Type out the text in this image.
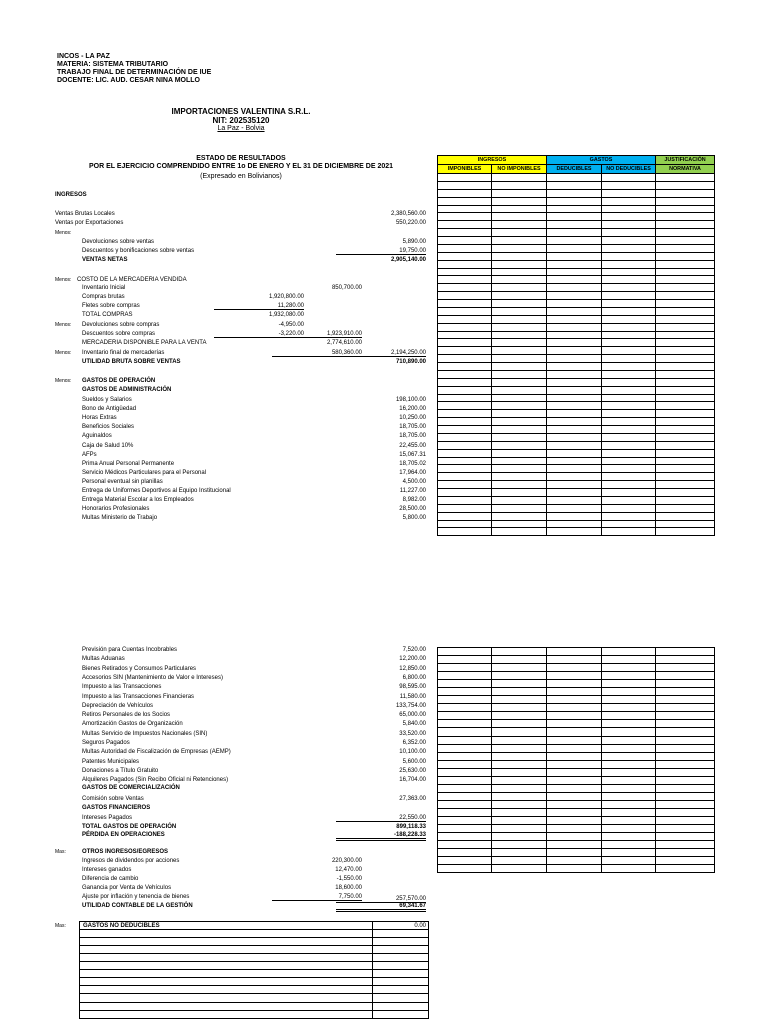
INCOS - LA PAZ
MATERIA: SISTEMA TRIBUTARIO
TRABAJO FINAL DE DETERMINACIÓN DE IUE
DOCENTE: LIC. AUD. CESAR NINA MOLLO
IMPORTACIONES VALENTINA S.R.L.
NIT: 202535120
La Paz - Bolvia
ESTADO DE RESULTADOS
POR EL EJERCICIO COMPRENDIDO ENTRE 1o DE ENERO Y EL 31 DE DICIEMBRE DE 2021
(Expresado en Bolivianos)
INGRESOS		GASTOS		JUSTIFICACIÓN
IMPONIBLES	NO IMPONIBLES	DEDUCIBLES	NO DEDUCIBLES	NORMATIVA

INGRESOS
Ventas Brutas Locales	2,380,560.00
Ventas por Exportaciones	550,220.00
Menos:
Devoluciones sobre ventas	5,890.00
Descuentos y bonificaciones sobre ventas	19,750.00
VENTAS NETAS	2,905,140.00
Menos: COSTO DE LA MERCADERIA VENDIDA
Inventario Inicial	850,700.00
Compras brutas	1,920,800.00
Fletes sobre compras	11,280.00
TOTAL COMPRAS	1,932,080.00
Menos: Devoluciones sobre compras	-4,950.00
Descuentos sobre compras	-3,220.00	1,923,910.00
MERCADERIA DISPONIBLE PARA LA VENTA	2,774,610.00
Menos: Inventario final de mercaderías	580,360.00	2,194,250.00
UTILIDAD BRUTA SOBRE VENTAS	710,890.00
Menos: GASTOS DE OPERACIÓN
GASTOS DE ADMINISTRACIÓN
Sueldos y Salarios	198,100.00
Bono de Antigüedad	16,200.00
Horas Extras	10,250.00
Beneficios Sociales	18,705.00
Aguinaldos	18,705.00
Caja de Salud 10%	22,455.00
AFPs	15,067.31
Prima Anual Personal Permanente	18,705.02
Servicio Médicos Particulares para el Personal	17,964.00
Personal eventual sin planillas	4,500.00
Entrega de Uniformes Deportivos al Equipo Institucional	11,227.00
Entrega Material Escolar a los Empleados	8,982.00
Honorarios Profesionales	28,500.00
Multas Ministerio de Trabajo	5,800.00

Previsión para Cuentas Incobrables	7,520.00
Multas Aduanas	12,200.00
Bienes Retirados y Consumos Particulares	12,850.00
Accesorios SIN (Mantenimiento de Valor e Intereses)	6,800.00
Impuesto a las Transacciones	98,595.00
Impuesto a las Transacciones Financieras	11,580.00
Depreciación de Vehículos	133,754.00
Retiros Personales de los Socios	65,000.00
Amortización Gastos de Organización	5,840.00
Multas Servicio de Impuestos Nacionales (SIN)	33,520.00
Seguros Pagados	6,352.00
Multas Autoridad de Fiscalización de Empresas (AEMP)	10,100.00
Patentes Municipales	5,600.00
Donaciones a Título Gratuito	25,630.00
Alquileres Pagados (Sin Recibo Oficial ni Retenciones)	16,704.00
GASTOS DE COMERCIALIZACIÓN
Comisión sobre Ventas	27,363.00
GASTOS FINANCIEROS
Intereses Pagados	22,550.00
TOTAL GASTOS DE OPERACIÓN	899,118.33
PÉRDIDA EN OPERACIONES	-188,228.33
Mas:	OTROS INGRESOS/EGRESOS
Ingresos de dividendos por acciones	220,300.00
Intereses ganados	12,470.00
Diferencia de cambio	-1,550.00
Ganancia por Venta de Vehículos	18,600.00
Ajuste por inflación y tenencia de bienes	7,750.00	257,570.00
UTILIDAD CONTABLE DE LA GESTIÓN	69,341.67
Mas:	GASTOS NO DEDUCIBLES	0.00
